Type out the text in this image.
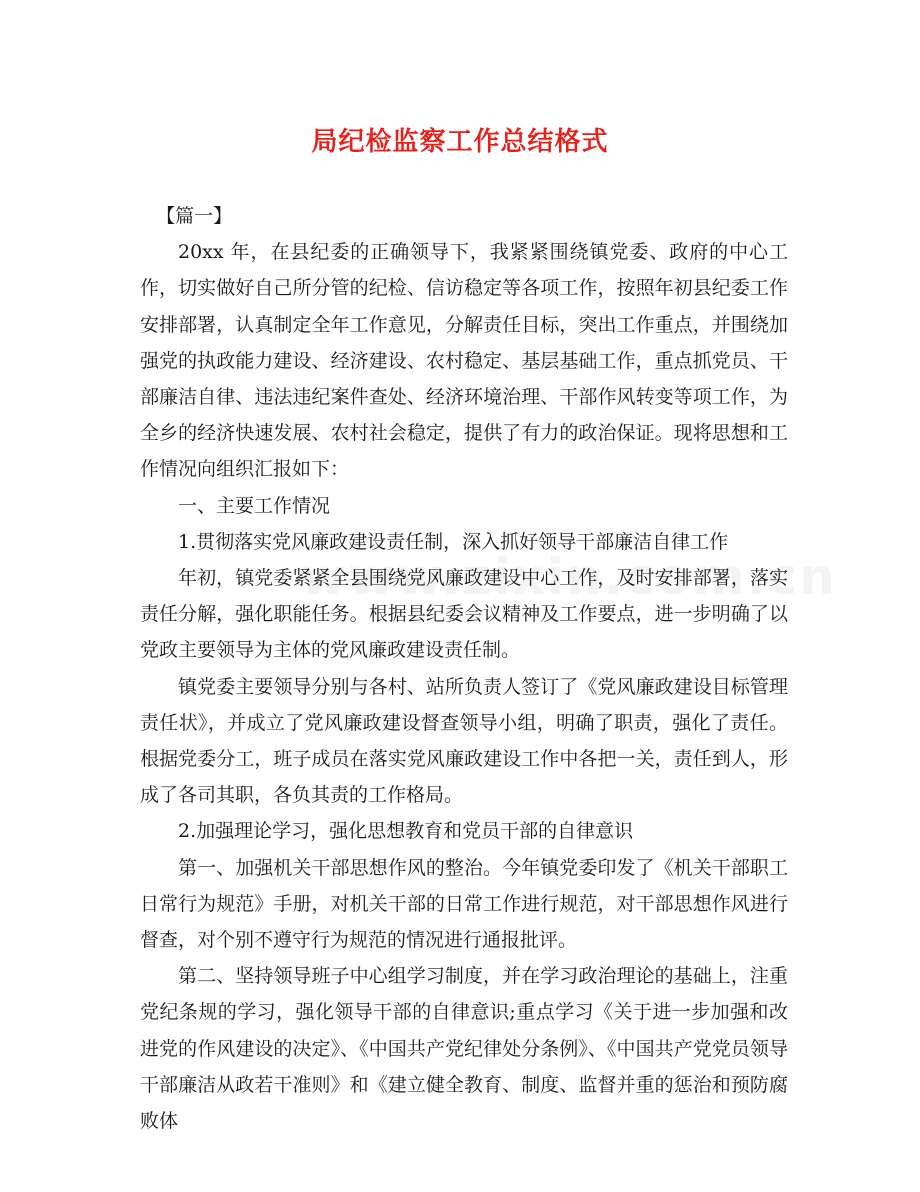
局纪检监察工作总结格式

【篇一】

20xx 年，在县纪委的正确领导下，我紧紧围绕镇党委、政府的中心工作，切实做好自己所分管的纪检、信访稳定等各项工作，按照年初县纪委工作安排部署，认真制定全年工作意见，分解责任目标，突出工作重点，并围绕加强党的执政能力建设、经济建设、农村稳定、基层基础工作，重点抓党员、干部廉洁自律、违法违纪案件查处、经济环境治理、干部作风转变等项工作，为全乡的经济快速发展、农村社会稳定，提供了有力的政治保证。现将思想和工作情况向组织汇报如下：

一、主要工作情况

1.贯彻落实党风廉政建设责任制，深入抓好领导干部廉洁自律工作

年初，镇党委紧紧全县围绕党风廉政建设中心工作，及时安排部署，落实责任分解，强化职能任务。根据县纪委会议精神及工作要点，进一步明确了以党政主要领导为主体的党风廉政建设责任制。

镇党委主要领导分别与各村、站所负责人签订了《党风廉政建设目标管理责任状》，并成立了党风廉政建设督查领导小组，明确了职责，强化了责任。根据党委分工，班子成员在落实党风廉政建设工作中各把一关，责任到人，形成了各司其职，各负其责的工作格局。

2.加强理论学习，强化思想教育和党员干部的自律意识

第一、加强机关干部思想作风的整治。今年镇党委印发了《机关干部职工日常行为规范》手册，对机关干部的日常工作进行规范，对干部思想作风进行督查，对个别不遵守行为规范的情况进行通报批评。

第二、坚持领导班子中心组学习制度，并在学习政治理论的基础上，注重党纪条规的学习，强化领导干部的自律意识;重点学习《关于进一步加强和改进党的作风建设的决定》、《中国共产党纪律处分条例》、《中国共产党党员领导干部廉洁从政若干准则》和《建立健全教育、制度、监督并重的惩治和预防腐败体
